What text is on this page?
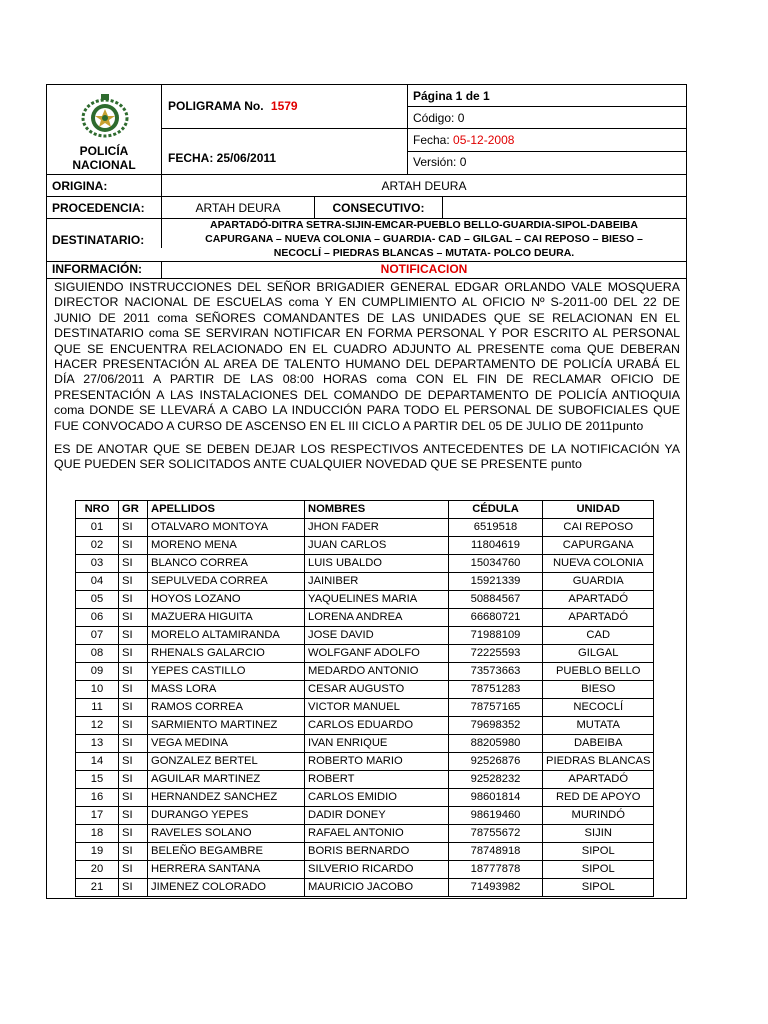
POLICÍA
NACIONAL
POLIGRAMA No. 1579
FECHA: 25/06/2011
Página 1 de 1
Código: 0
Fecha: 05-12-2008
Versión: 0
ORIGINA:	ARTAH DEURA
PROCEDENCIA:	ARTAH DEURA	CONSECUTIVO:
DESTINATARIO:
APARTADÓ-DITRA SETRA-SIJIN-EMCAR-PUEBLO BELLO-GUARDIA-SIPOL-DABEIBA
CAPURGANA – NUEVA COLONIA – GUARDIA- CAD – GILGAL – CAI REPOSO – BIESO –
NECOCLÍ – PIEDRAS BLANCAS – MUTATA- POLCO DEURA.
INFORMACIÓN:	NOTIFICACION
SIGUIENDO INSTRUCCIONES DEL SEÑOR BRIGADIER GENERAL EDGAR ORLANDO VALE MOSQUERA
DIRECTOR NACIONAL DE ESCUELAS coma Y EN CUMPLIMIENTO AL OFICIO Nº S-2011-00 DEL 22 DE
JUNIO DE 2011 coma SEÑORES COMANDANTES DE LAS UNIDADES QUE SE RELACIONAN EN EL
DESTINATARIO coma SE SERVIRAN NOTIFICAR EN FORMA PERSONAL Y POR ESCRITO AL PERSONAL
QUE SE ENCUENTRA RELACIONADO EN EL CUADRO ADJUNTO AL PRESENTE coma QUE DEBERAN
HACER PRESENTACIÓN AL AREA DE TALENTO HUMANO DEL DEPARTAMENTO DE POLICÍA URABÁ EL
DÍA 27/06/2011 A PARTIR DE LAS 08:00 HORAS coma CON EL FIN DE RECLAMAR OFICIO DE
PRESENTACIÓN A LAS INSTALACIONES DEL COMANDO DE DEPARTAMENTO DE POLICÍA ANTIOQUIA
coma DONDE SE LLEVARÁ A CABO LA INDUCCIÓN PARA TODO EL PERSONAL DE SUBOFICIALES QUE
FUE CONVOCADO A CURSO DE ASCENSO EN EL III CICLO A PARTIR DEL 05 DE JULIO DE 2011punto
ES DE ANOTAR QUE SE DEBEN DEJAR LOS RESPECTIVOS ANTECEDENTES DE LA NOTIFICACIÓN YA
QUE PUEDEN SER SOLICITADOS ANTE CUALQUIER NOVEDAD QUE SE PRESENTE punto
NRO	GR	APELLIDOS	NOMBRES	CÉDULA	UNIDAD
01	SI	OTALVARO MONTOYA	JHON FADER	6519518	CAI REPOSO
02	SI	MORENO MENA	JUAN CARLOS	11804619	CAPURGANA
03	SI	BLANCO CORREA	LUIS UBALDO	15034760	NUEVA COLONIA
04	SI	SEPULVEDA CORREA	JAINIBER	15921339	GUARDIA
05	SI	HOYOS LOZANO	YAQUELINES MARIA	50884567	APARTADÓ
06	SI	MAZUERA HIGUITA	LORENA ANDREA	66680721	APARTADÓ
07	SI	MORELO ALTAMIRANDA	JOSE DAVID	71988109	CAD
08	SI	RHENALS GALARCIO	WOLFGANF ADOLFO	72225593	GILGAL
09	SI	YEPES CASTILLO	MEDARDO ANTONIO	73573663	PUEBLO BELLO
10	SI	MASS LORA	CESAR AUGUSTO	78751283	BIESO
11	SI	RAMOS CORREA	VICTOR MANUEL	78757165	NECOCLÍ
12	SI	SARMIENTO MARTINEZ	CARLOS EDUARDO	79698352	MUTATA
13	SI	VEGA MEDINA	IVAN ENRIQUE	88205980	DABEIBA
14	SI	GONZALEZ BERTEL	ROBERTO MARIO	92526876	PIEDRAS BLANCAS
15	SI	AGUILAR MARTINEZ	ROBERT	92528232	APARTADÓ
16	SI	HERNANDEZ SANCHEZ	CARLOS EMIDIO	98601814	RED DE APOYO
17	SI	DURANGO YEPES	DADIR DONEY	98619460	MURINDÓ
18	SI	RAVELES SOLANO	RAFAEL ANTONIO	78755672	SIJIN
19	SI	BELEÑO BEGAMBRE	BORIS BERNARDO	78748918	SIPOL
20	SI	HERRERA SANTANA	SILVERIO RICARDO	18777878	SIPOL
21	SI	JIMENEZ COLORADO	MAURICIO JACOBO	71493982	SIPOL
